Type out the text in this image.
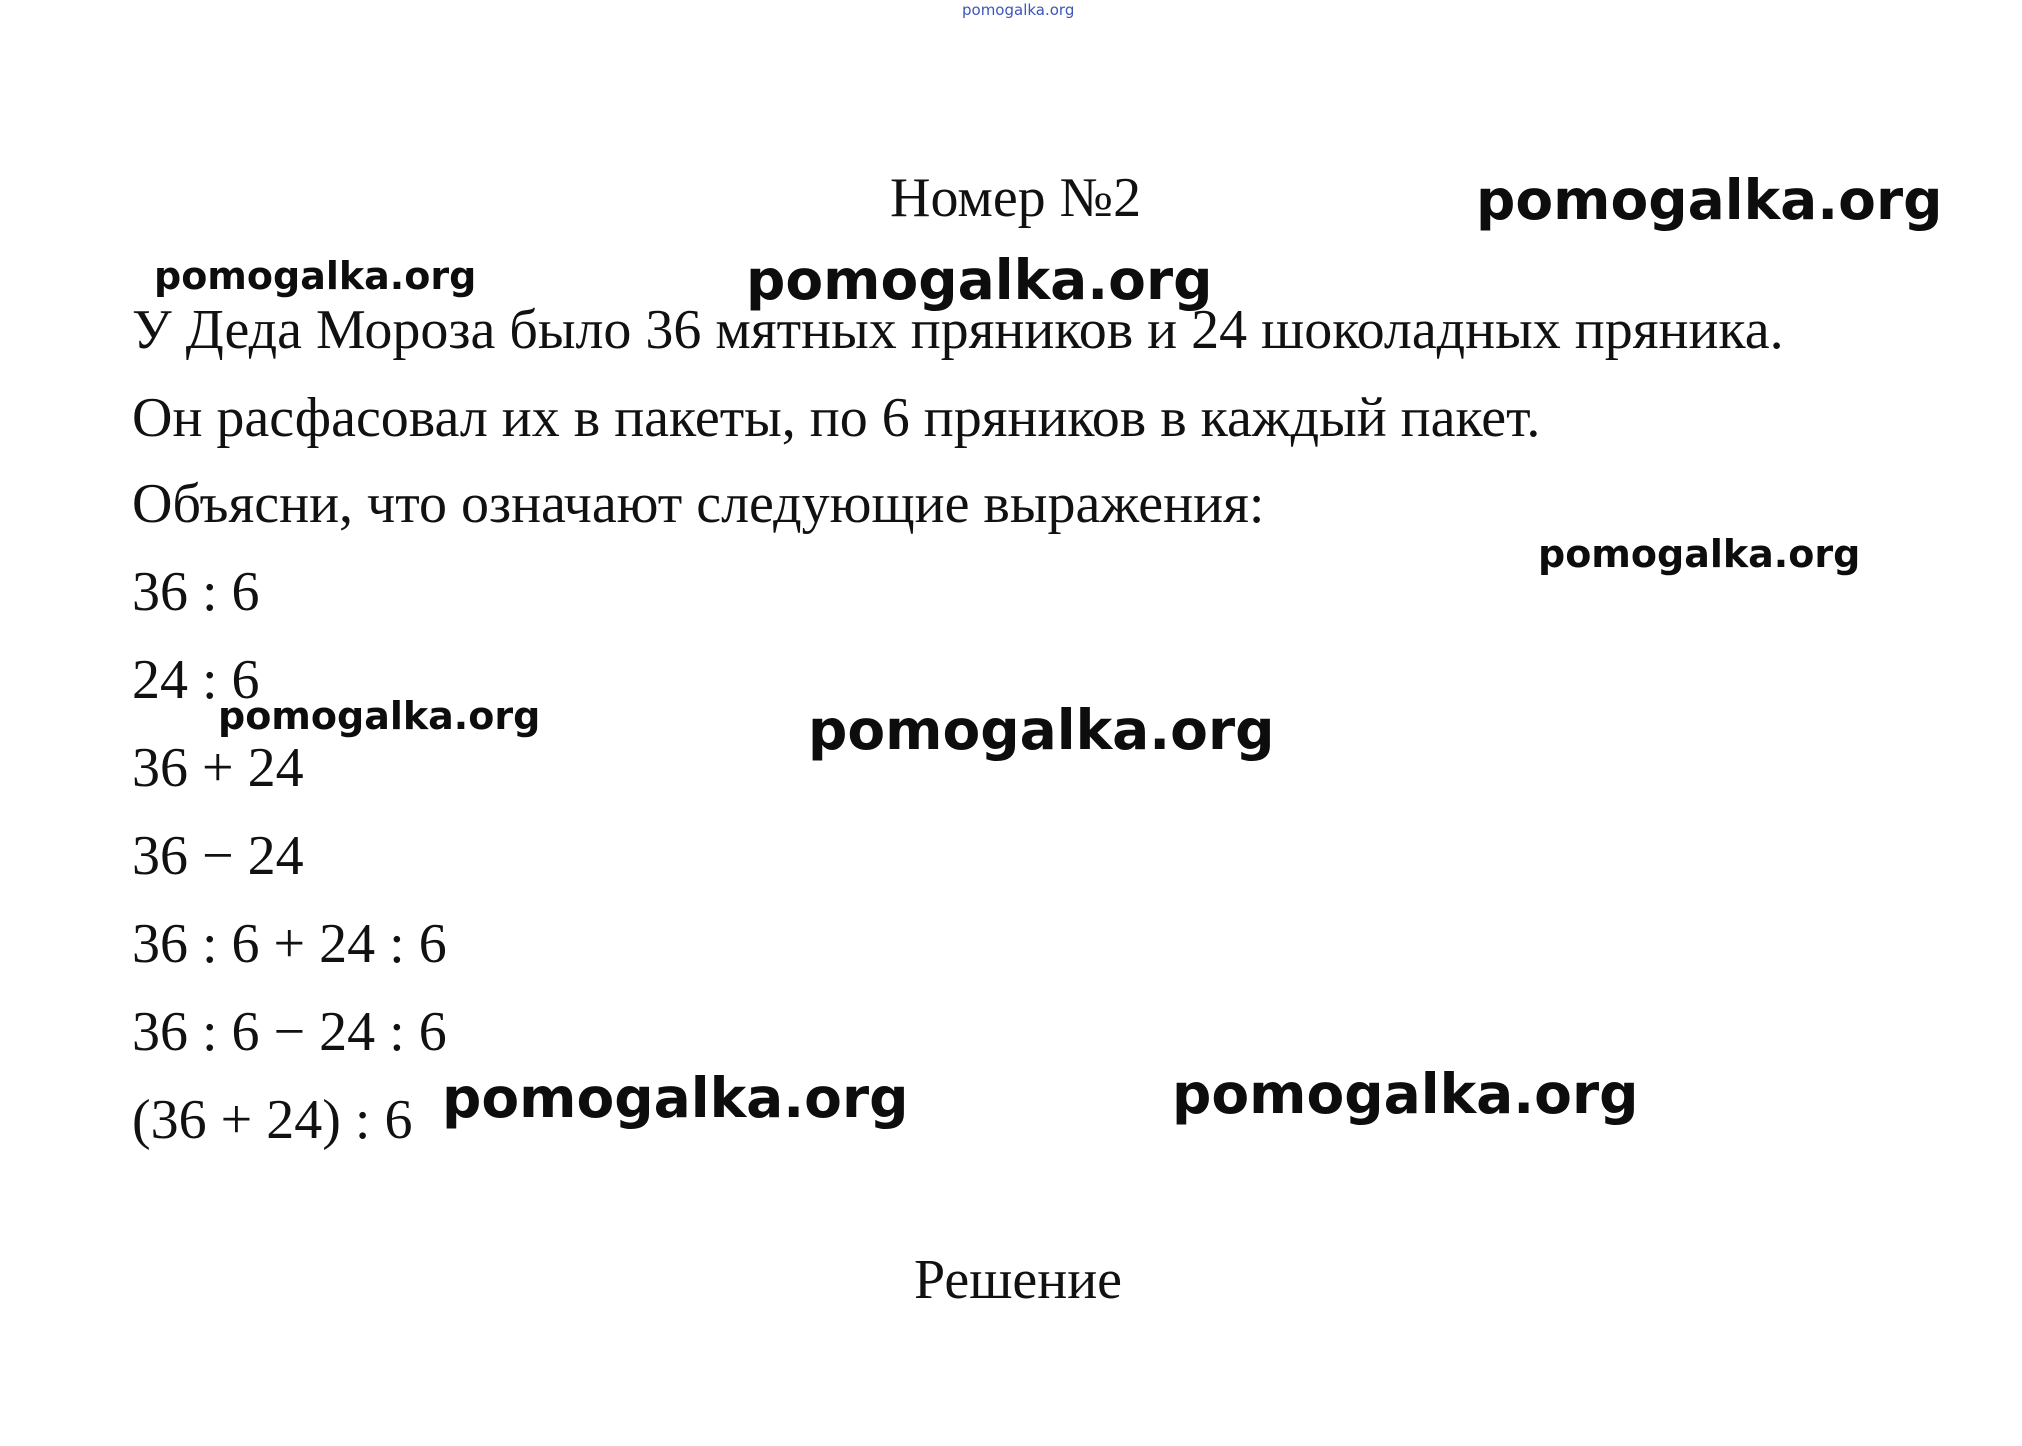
pomogalka.org
Номер №2
У Деда Мороза было 36 мятных пряников и 24 шоколадных пряника.
Он расфасовал их в пакеты, по 6 пряников в каждый пакет.
Объясни, что означают следующие выражения:
36 : 6
24 : 6
36 + 24
36 − 24
36 : 6 + 24 : 6
36 : 6 − 24 : 6
(36 + 24) : 6
Решение
pomogalka.org
pomogalka.org	pomogalka.org
pomogalka.org
pomogalka.org	pomogalka.org
pomogalka.org	pomogalka.org
